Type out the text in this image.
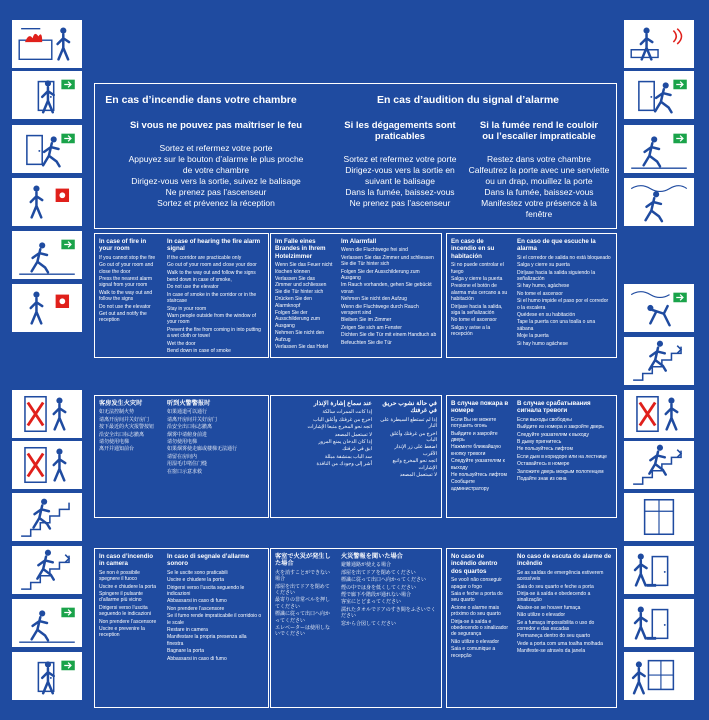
En cas d’incendie dans votre chambre	En cas d’audition du signal d’alarme
Si vous ne pouvez pas maîtriser le feu
Sortez et refermez votre porte
Appuyez sur le bouton d’alarme le plus proche
de votre chambre
Dirigez-vous vers la sortie, suivez le balisage
Ne prenez pas l’ascenseur
Sortez et prévenez la réception
Si les dégagements sont
praticables
Sortez et refermez votre porte
Dirigez-vous vers la sortie en
suivant le balisage
Dans la fumée, baissez-vous
Ne prenez pas l’ascenseur
Si la fumée rend le couloir
ou l’escalier impraticable
Restez dans votre chambre
Calfeutrez la porte avec une serviette
ou un drap, mouillez la porte
Dans la fumée, baissez-vous
Manifestez votre présence à la
fenêtre
In case of fire in your room
If you cannot stop the fire
Go out of your room and close the door
Press the nearest alarm signal from your room
Walk to the way out and follow the signs
Do not use the elevator
Get out and notify the reception
In case of hearing the fire alarm signal
If the corridor are practicable only
Go out of your room and close your door
Walk to the way out and follow the signs
bend down in case of smoke,
Do not use the elevator
In case of smoke in the corridor or in the staircase
Stay in your room
Warn people outside from the window of your room
Prevent the fire from coming in into putting a wet cloth or towel
Wet the door
Bend down in case of smoke
Im Falle eines Brandes in Ihrem Hotelzimmer
Wenn Sie das Feuer nicht löschen können
Verlassen Sie das Zimmer und schliessen Sie die Tür hinter sich
Drücken Sie den Alarmknopf
Folgen Sie der Ausschilderung zum Ausgang
Nehmen Sie nicht den Aufzug
Verlassen Sie das Hotel
Im Alarmfall
Wenn die Fluchtwege frei sind
Verlassen Sie das Zimmer und schliessen Sie die Tür hinter sich
Folgen Sie der Ausschilderung zum Ausgang
Im Rauch vorhanden, gehen Sie gebückt voran
Nehmen Sie nicht den Aufzug
Wenn die Fluchtwege durch Rauch versperrt sind
Bleiben Sie im Zimmer
Zeigen Sie sich am Fenster
Dichten Sie die Tür mit einem Handtuch ab
Befeuchten Sie die Tür
En caso de incendio en su habitación
Si no puede controlar el fuego
Salga y cierre la puerta
Presione el botón de alarma más cercano a su habitación
Diríjase hacia la salida, siga la señalización
No tome el ascensor
Salga y avise a la recepción
En caso de que escuche la alarma
Si el corredor de salida no está bloqueado
Salga y cierre su puerta
Diríjase hacia la salida siguiendo la señalización
Si hay humo, agáchese
No tome el ascensor
Si el humo impide el paso por el corredor o la escalera
Quédese en su habitación
Tape la puerta con una toalla o una sábana
Moje la puerta
Si hay humo agáchese
客房发生火灾时
如无法控制火势
请离开房间并关好房门
按下最近的火灾报警按钮
沿安全出口标志撤离
请勿使用电梯
离开并通知前台
听到火警警报时
如果通道可以通行
请离开房间并关好房门
沿安全出口标志撤离
烟雾中请俯身前进
请勿使用电梯
如果烟雾使走廊或楼梯无法通行
请留在房间内
用湿毛巾堵住门缝
在窗口示意求救
في حالة نشوب حريق في غرفتك
إذا لم تستطع السيطرة على النار
اخرج من غرفتك وأغلق الباب
اضغط على زر الإنذار الأقرب
اتجه نحو المخرج واتبع الإشارات
لا تستعمل المصعد
عند سماع إشارة الإنذار
إذا كانت الممرات سالكة
اخرج من غرفتك وأغلق الباب
اتجه نحو المخرج متبعا الإشارات
لا تستعمل المصعد
إذا كان الدخان يمنع المرور
ابق في غرفتك
سد الباب بمنشفة مبللة
أشر إلى وجودك من النافذة
В случае пожара в номере
Если Вы не можете потушить огонь
Выйдите и закройте дверь
Нажмите ближайшую кнопку тревоги
Следуйте указателям к выходу
Не пользуйтесь лифтом
Сообщите администратору
В случае срабатывания сигнала тревоги
Если выходы свободны
Выйдите из номера и закройте дверь
Следуйте указателям к выходу
В дыму пригнитесь
Не пользуйтесь лифтом
Если дым в коридоре или на лестнице
Оставайтесь в номере
Заложите дверь мокрым полотенцем
Подайте знак из окна
In caso d’incendio in camera
Se non è possibile spegnere il fuoco
Uscire e chiudere la porta
Spingere il pulsante d’allarme più vicino
Dirigersi verso l’uscita seguendo le indicazioni
Non prendere l’ascensore
Uscire e prevenire la reception
In caso di segnale d’allarme sonoro
Se le uscite sono praticabili
Uscire e chiudere la porta
Dirigersi verso l’uscita seguendo le indicazioni
Abbassarsi in caso di fumo
Non prendere l’ascensore
Se il fumo rende impraticabile il corridoio o le scale
Restare in camera
Manifestare la propria presenza alla finestra
Bagnare la porta
Abbassarsi in caso di fumo
客室で火災が発生した場合
火を消すことができない場合
部屋を出てドアを閉めてください
最寄りの非常ベルを押してください
標識に従って出口へ向かってください
エレベーターは使用しないでください
火災警報を聞いた場合
避難通路が使える場合
部屋を出てドアを閉めてください
標識に従って出口へ向かってください
煙の中では身を低くしてください
煙で廊下や階段が通れない場合
客室にとどまってください
濡れたタオルでドアのすき間をふさいでください
窓から合図してください
No caso de incêndio dentro dos quartos
Se você não conseguir apagar o fogo
Saia e feche a porta do seu quarto
Acione o alarme mais próximo do seu quarto
Dirija-se à saída e obedecendo o sinalizador de segurança
Não utilize o elevador
Saia e comunique a recepção
No caso de escuta do alarme de incêndio
Se as saídas de emergência estiverem acessíveis
Saia do seu quarto e feche a porta
Dirija-se à saída e obedecendo a sinalização
Abaixe-se se houver fumaça
Não utilize o elevador
Se a fumaça impossibilita o uso do corredor e das escadas
Permaneça dentro do seu quarto
Vede a porta com uma toalha molhada
Manifeste-se através da janela
